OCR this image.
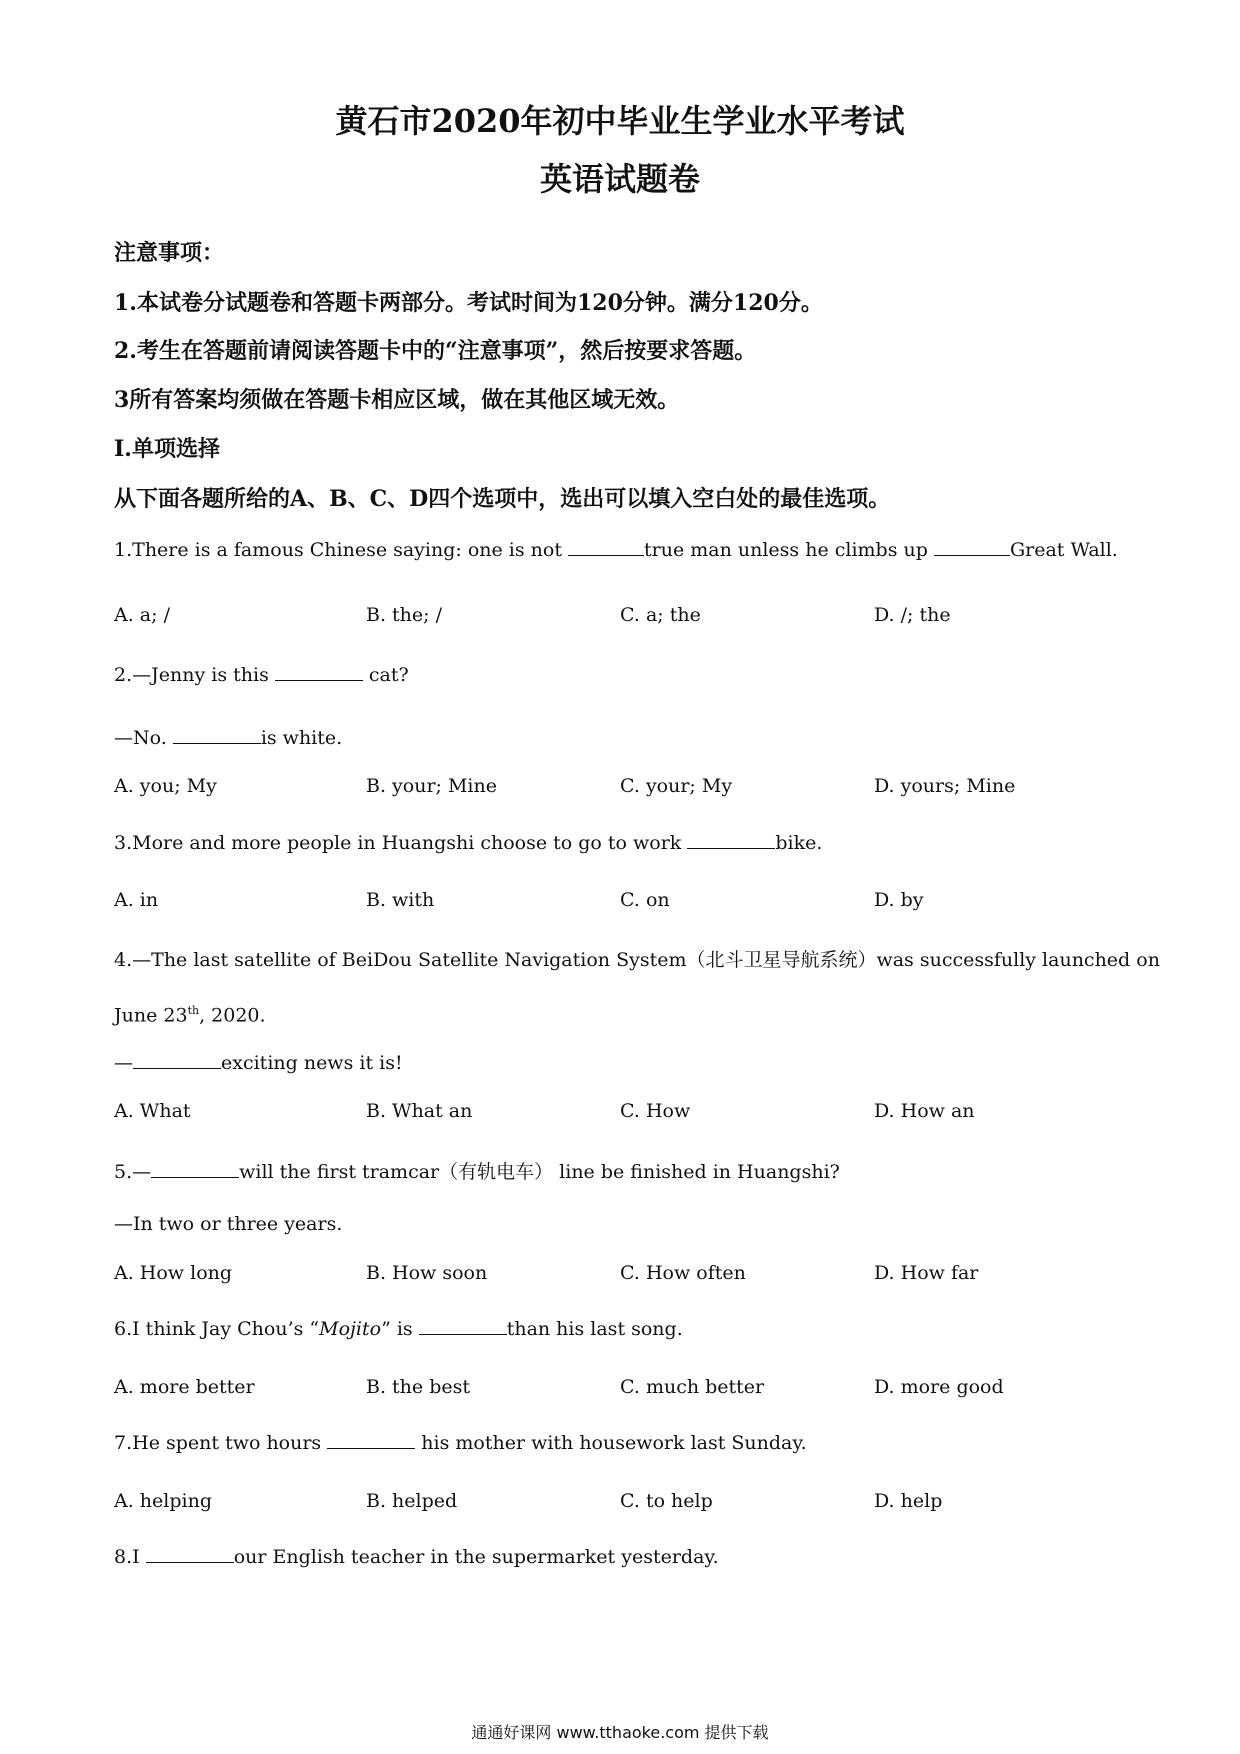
黄石市2020年初中毕业生学业水平考试
英语试题卷
注意事项：
1.本试卷分试题卷和答题卡两部分。考试时间为120分钟。满分120分。
2.考生在答题前请阅读答题卡中的“注意事项”，然后按要求答题。
3所有答案均须做在答题卡相应区域，做在其他区域无效。
I.单项选择
从下面各题所给的A、B、C、D四个选项中，选出可以填入空白处的最佳选项。
1.There is a famous Chinese saying: one is not	true man unless he climbs up	Great Wall.
A. a; /	B. the; /	C. a; the	D. /; the
2.—Jenny is this	cat?
—No.	is white.
A. you; My	B. your; Mine	C. your; My	D. yours; Mine
3.More and more people in Huangshi choose to go to work	bike.
A. in	B. with	C. on	D. by
4.—The last satellite of BeiDou Satellite Navigation System（北斗卫星导航系统）was successfully launched on
June 23th, 2020.
—	exciting news it is!
A. What	B. What an	C. How	D. How an
5.—	will the first tramcar（有轨电车） line be finished in Huangshi?
—In two or three years.
A. How long	B. How soon	C. How often	D. How far
6.I think Jay Chou’s “Mojito” is	than his last song.
A. more better	B. the best	C. much better	D. more good
7.He spent two hours	his mother with housework last Sunday.
A. helping	B. helped	C. to help	D. help
8.I	our English teacher in the supermarket yesterday.
通通好课网 www.tthaoke.com 提供下载
